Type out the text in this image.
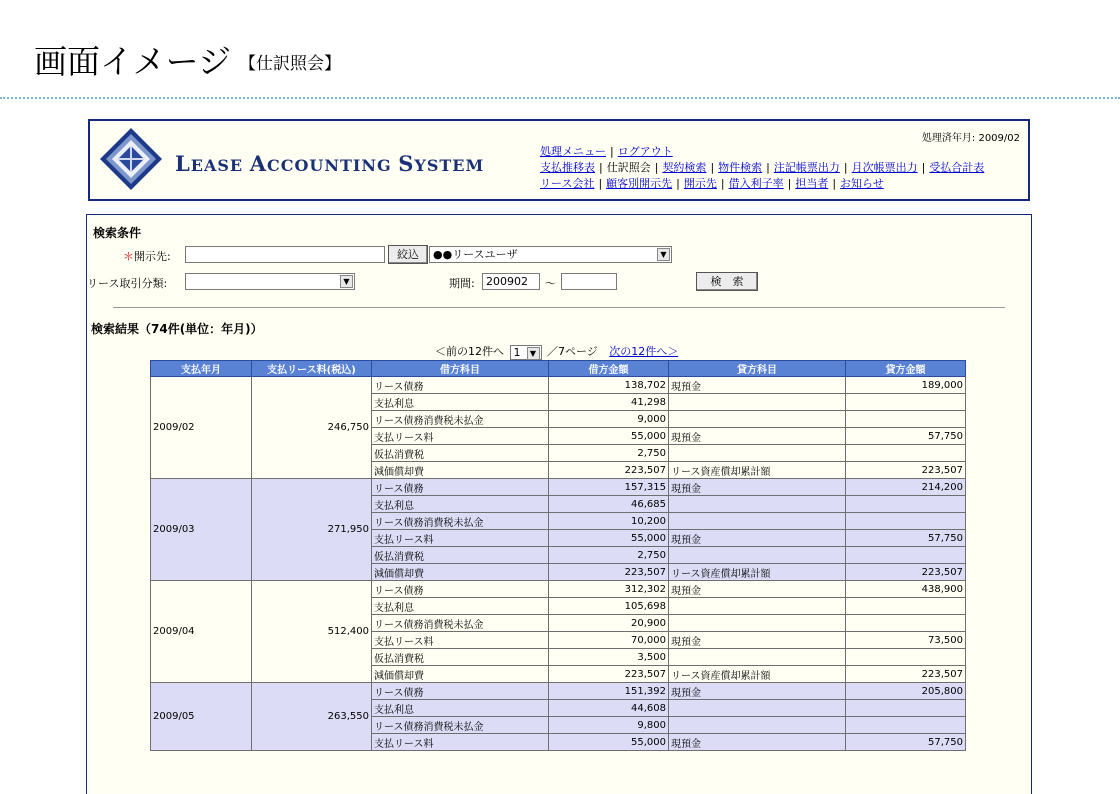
画面イメージ 【仕訳照会】
LEASE ACCOUNTING SYSTEM
処理済年月: 2009/02
処理メニュー | ログアウト
支払推移表 | 仕訳照会 | 契約検索 | 物件検索 | 注記帳票出力 | 月次帳票出力 | 受払合計表
リース会社 | 顧客別開示先 | 開示先 | 借入利子率 | 担当者 | お知らせ
検索条件
＊開示先:	絞込	●●リースユーザ	▼
リース取引分類:	▼	期間:
200902	～	検　索
検索結果（74件(単位：年月)）
＜前の12件へ 1	▼ ／7ページ 次の12件へ＞
支払年月	支払リース料(税込)	借方科目	借方金額	貸方科目	貸方金額
2009/02	246,750	リース債務	138,702	現預金	189,000
		支払利息	41,298		
		リース債務消費税未払金	9,000		
		支払リース料	55,000	現預金	57,750
		仮払消費税	2,750		
		減価償却費	223,507	リース資産償却累計額	223,507
2009/03	271,950	リース債務	157,315	現預金	214,200
		支払利息	46,685		
		リース債務消費税未払金	10,200		
		支払リース料	55,000	現預金	57,750
		仮払消費税	2,750		
		減価償却費	223,507	リース資産償却累計額	223,507
2009/04	512,400	リース債務	312,302	現預金	438,900
		支払利息	105,698		
		リース債務消費税未払金	20,900		
		支払リース料	70,000	現預金	73,500
		仮払消費税	3,500		
		減価償却費	223,507	リース資産償却累計額	223,507
2009/05	263,550	リース債務	151,392	現預金	205,800
		支払利息	44,608		
		リース債務消費税未払金	9,800		
		支払リース料	55,000	現預金	57,750
